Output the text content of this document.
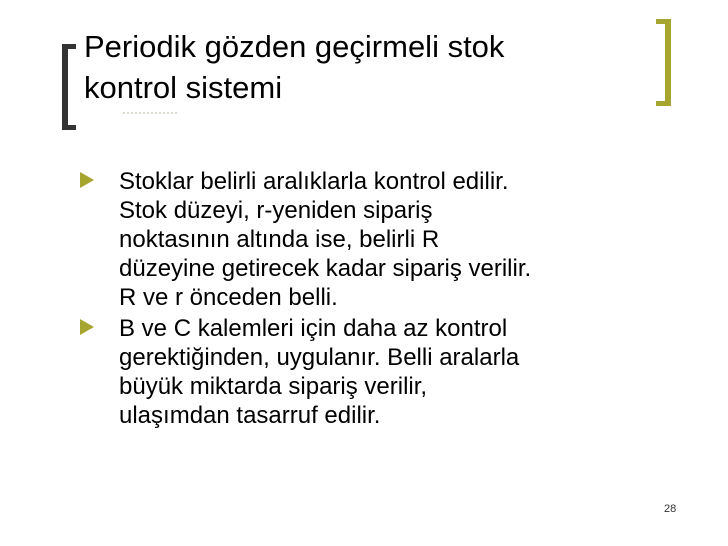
Periodik gözden geçirmeli stok
kontrol sistemi
Stoklar belirli aralıklarla kontrol edilir.
Stok düzeyi, r-yeniden sipariş
noktasının altında ise, belirli R
düzeyine getirecek kadar sipariş verilir.
R ve r önceden belli.
B ve C kalemleri için daha az kontrol
gerektiğinden, uygulanır. Belli aralarla
büyük miktarda sipariş verilir,
ulaşımdan tasarruf edilir.
28
